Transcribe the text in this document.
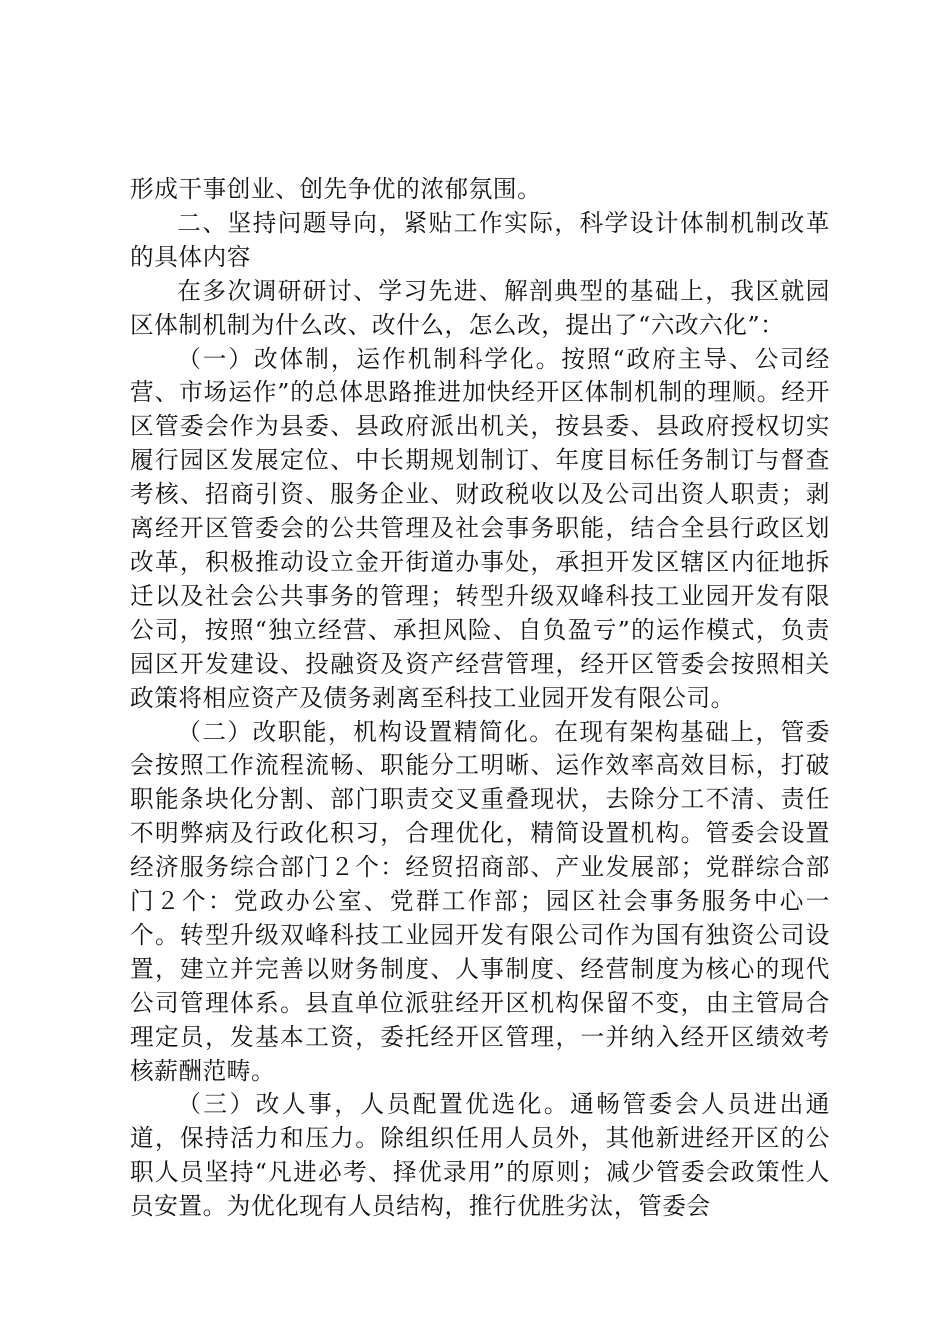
形成干事创业、创先争优的浓郁氛围。

二、坚持问题导向，紧贴工作实际，科学设计体制机制改革的具体内容

在多次调研研讨、学习先进、解剖典型的基础上，我区就园区体制机制为什么改、改什么，怎么改，提出了“六改六化”：

（一）改体制，运作机制科学化。按照“政府主导、公司经营、市场运作”的总体思路推进加快经开区体制机制的理顺。经开区管委会作为县委、县政府派出机关，按县委、县政府授权切实履行园区发展定位、中长期规划制订、年度目标任务制订与督查考核、招商引资、服务企业、财政税收以及公司出资人职责；剥离经开区管委会的公共管理及社会事务职能，结合全县行政区划改革，积极推动设立金开街道办事处，承担开发区辖区内征地拆迁以及社会公共事务的管理；转型升级双峰科技工业园开发有限公司，按照“独立经营、承担风险、自负盈亏”的运作模式，负责园区开发建设、投融资及资产经营管理，经开区管委会按照相关政策将相应资产及债务剥离至科技工业园开发有限公司。

（二）改职能，机构设置精简化。在现有架构基础上，管委会按照工作流程流畅、职能分工明晰、运作效率高效目标，打破职能条块化分割、部门职责交叉重叠现状，去除分工不清、责任不明弊病及行政化积习，合理优化，精简设置机构。管委会设置经济服务综合部门２个：经贸招商部、产业发展部；党群综合部门２个：党政办公室、党群工作部；园区社会事务服务中心一个。转型升级双峰科技工业园开发有限公司作为国有独资公司设置，建立并完善以财务制度、人事制度、经营制度为核心的现代公司管理体系。县直单位派驻经开区机构保留不变，由主管局合理定员，发基本工资，委托经开区管理，一并纳入经开区绩效考核薪酬范畴。

（三）改人事，人员配置优选化。通畅管委会人员进出通道，保持活力和压力。除组织任用人员外，其他新进经开区的公职人员坚持“凡进必考、择优录用”的原则；减少管委会政策性人员安置。为优化现有人员结构，推行优胜劣汰，管委会
